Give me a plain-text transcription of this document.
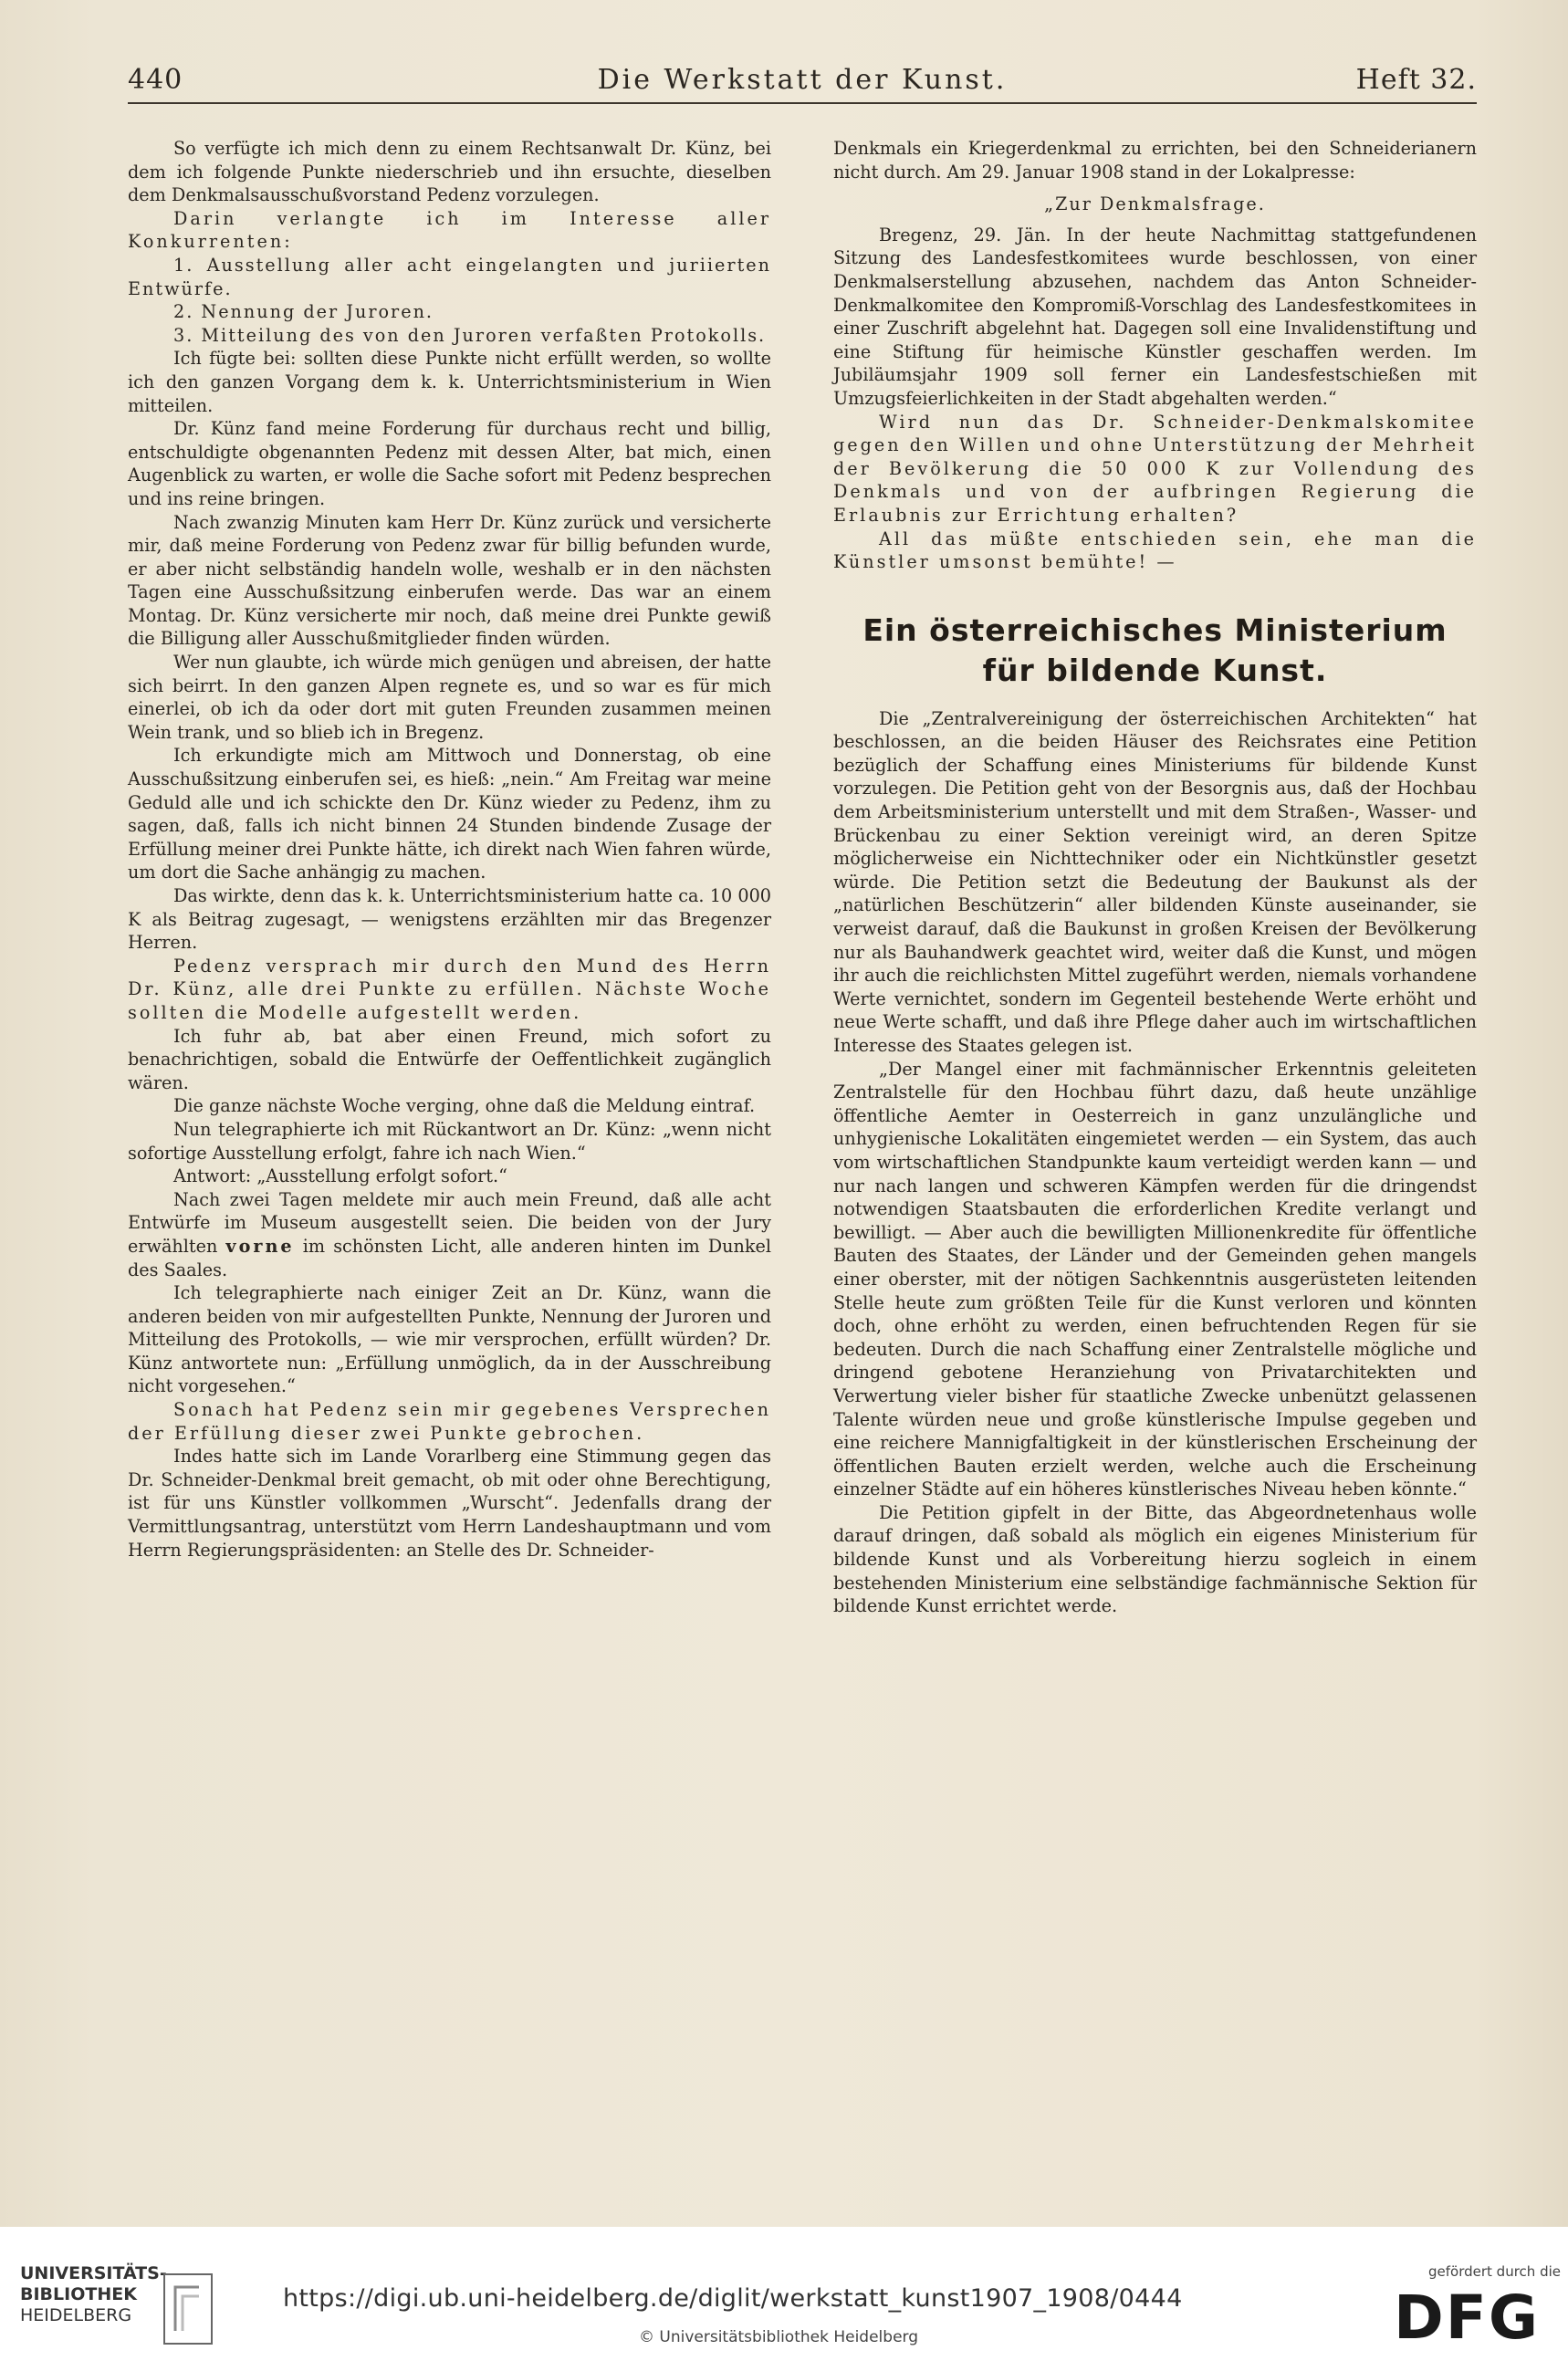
440	Die Werkstatt der Kunst.	Heft 32.

So verfügte ich mich denn zu einem Rechtsanwalt Dr. Künz, bei dem ich folgende Punkte niederschrieb und ihn ersuchte, dieselben dem Denkmalsausschußvorstand Pedenz vorzulegen.

Darin verlangte ich im Interesse aller Konkurrenten:

1. Ausstellung aller acht eingelangten und juriierten Entwürfe.

2. Nennung der Juroren.

3. Mitteilung des von den Juroren verfaßten Protokolls.

Ich fügte bei: sollten diese Punkte nicht erfüllt werden, so wollte ich den ganzen Vorgang dem k. k. Unterrichtsministerium in Wien mitteilen.

Dr. Künz fand meine Forderung für durchaus recht und billig, entschuldigte obgenannten Pedenz mit dessen Alter, bat mich, einen Augenblick zu warten, er wolle die Sache sofort mit Pedenz besprechen und ins reine bringen.

Nach zwanzig Minuten kam Herr Dr. Künz zurück und versicherte mir, daß meine Forderung von Pedenz zwar für billig befunden wurde, er aber nicht selbständig handeln wolle, weshalb er in den nächsten Tagen eine Ausschußsitzung einberufen werde. Das war an einem Montag. Dr. Künz versicherte mir noch, daß meine drei Punkte gewiß die Billigung aller Ausschußmitglieder finden würden.

Wer nun glaubte, ich würde mich genügen und abreisen, der hatte sich beirrt. In den ganzen Alpen regnete es, und so war es für mich einerlei, ob ich da oder dort mit guten Freunden zusammen meinen Wein trank, und so blieb ich in Bregenz.

Ich erkundigte mich am Mittwoch und Donnerstag, ob eine Ausschußsitzung einberufen sei, es hieß: „nein.“ Am Freitag war meine Geduld alle und ich schickte den Dr. Künz wieder zu Pedenz, ihm zu sagen, daß, falls ich nicht binnen 24 Stunden bindende Zusage der Erfüllung meiner drei Punkte hätte, ich direkt nach Wien fahren würde, um dort die Sache anhängig zu machen.

Das wirkte, denn das k. k. Unterrichtsministerium hatte ca. 10 000 K als Beitrag zugesagt, — wenigstens erzählten mir das Bregenzer Herren.

Pedenz versprach mir durch den Mund des Herrn Dr. Künz, alle drei Punkte zu erfüllen. Nächste Woche sollten die Modelle aufgestellt werden.

Ich fuhr ab, bat aber einen Freund, mich sofort zu benachrichtigen, sobald die Entwürfe der Oeffentlichkeit zugänglich wären.

Die ganze nächste Woche verging, ohne daß die Meldung eintraf.

Nun telegraphierte ich mit Rückantwort an Dr. Künz: „wenn nicht sofortige Ausstellung erfolgt, fahre ich nach Wien.“

Antwort: „Ausstellung erfolgt sofort.“

Nach zwei Tagen meldete mir auch mein Freund, daß alle acht Entwürfe im Museum ausgestellt seien. Die beiden von der Jury erwählten vorne im schönsten Licht, alle anderen hinten im Dunkel des Saales.

Ich telegraphierte nach einiger Zeit an Dr. Künz, wann die anderen beiden von mir aufgestellten Punkte, Nennung der Juroren und Mitteilung des Protokolls, — wie mir versprochen, erfüllt würden? Dr. Künz antwortete nun: „Erfüllung unmöglich, da in der Ausschreibung nicht vorgesehen.“

Sonach hat Pedenz sein mir gegebenes Versprechen der Erfüllung dieser zwei Punkte gebrochen.

Indes hatte sich im Lande Vorarlberg eine Stimmung gegen das Dr. Schneider-Denkmal breit gemacht, ob mit oder ohne Berechtigung, ist für uns Künstler vollkommen „Wurscht“. Jedenfalls drang der Vermittlungsantrag, unterstützt vom Herrn Landeshauptmann und vom Herrn Regierungspräsidenten: an Stelle des Dr. Schneider-

Denkmals ein Kriegerdenkmal zu errichten, bei den Schneiderianern nicht durch. Am 29. Januar 1908 stand in der Lokalpresse:

„Zur Denkmalsfrage.

Bregenz, 29. Jän. In der heute Nachmittag stattgefundenen Sitzung des Landesfestkomitees wurde beschlossen, von einer Denkmalserstellung abzusehen, nachdem das Anton Schneider-Denkmalkomitee den Kompromiß-Vorschlag des Landesfestkomitees in einer Zuschrift abgelehnt hat. Dagegen soll eine Invalidenstiftung und eine Stiftung für heimische Künstler geschaffen werden. Im Jubiläumsjahr 1909 soll ferner ein Landesfestschießen mit Umzugsfeierlichkeiten in der Stadt abgehalten werden.“

Wird nun das Dr. Schneider-Denkmalskomitee gegen den Willen und ohne Unterstützung der Mehrheit der Bevölkerung die 50 000 K zur Vollendung des Denkmals und von der aufbringen Regierung die Erlaubnis zur Errichtung erhalten?

All das müßte entschieden sein, ehe man die Künstler umsonst bemühte! —

Ein österreichisches Ministerium
für bildende Kunst.

Die „Zentralvereinigung der österreichischen Architekten“ hat beschlossen, an die beiden Häuser des Reichsrates eine Petition bezüglich der Schaffung eines Ministeriums für bildende Kunst vorzulegen. Die Petition geht von der Besorgnis aus, daß der Hochbau dem Arbeitsministerium unterstellt und mit dem Straßen-, Wasser- und Brückenbau zu einer Sektion vereinigt wird, an deren Spitze möglicherweise ein Nichttechniker oder ein Nichtkünstler gesetzt würde. Die Petition setzt die Bedeutung der Baukunst als der „natürlichen Beschützerin“ aller bildenden Künste auseinander, sie verweist darauf, daß die Baukunst in großen Kreisen der Bevölkerung nur als Bauhandwerk geachtet wird, weiter daß die Kunst, und mögen ihr auch die reichlichsten Mittel zugeführt werden, niemals vorhandene Werte vernichtet, sondern im Gegenteil bestehende Werte erhöht und neue Werte schafft, und daß ihre Pflege daher auch im wirtschaftlichen Interesse des Staates gelegen ist.

„Der Mangel einer mit fachmännischer Erkenntnis geleiteten Zentralstelle für den Hochbau führt dazu, daß heute unzählige öffentliche Aemter in Oesterreich in ganz unzulängliche und unhygienische Lokalitäten eingemietet werden — ein System, das auch vom wirtschaftlichen Standpunkte kaum verteidigt werden kann — und nur nach langen und schweren Kämpfen werden für die dringendst notwendigen Staatsbauten die erforderlichen Kredite verlangt und bewilligt. — Aber auch die bewilligten Millionenkredite für öffentliche Bauten des Staates, der Länder und der Gemeinden gehen mangels einer oberster, mit der nötigen Sachkenntnis ausgerüsteten leitenden Stelle heute zum größten Teile für die Kunst verloren und könnten doch, ohne erhöht zu werden, einen befruchtenden Regen für sie bedeuten. Durch die nach Schaffung einer Zentralstelle mögliche und dringend gebotene Heranziehung von Privatarchitekten und Verwertung vieler bisher für staatliche Zwecke unbenützt gelassenen Talente würden neue und große künstlerische Impulse gegeben und eine reichere Mannigfaltigkeit in der künstlerischen Erscheinung der öffentlichen Bauten erzielt werden, welche auch die Erscheinung einzelner Städte auf ein höheres künstlerisches Niveau heben könnte.“

Die Petition gipfelt in der Bitte, das Abgeordnetenhaus wolle darauf dringen, daß sobald als möglich ein eigenes Ministerium für bildende Kunst und als Vorbereitung hierzu sogleich in einem bestehenden Ministerium eine selbständige fachmännische Sektion für bildende Kunst errichtet werde.

UNIVERSITÄTS-
BIBLIOTHEK
HEIDELBERG
https://digi.ub.uni-heidelberg.de/diglit/werkstatt_kunst1907_1908/0444
© Universitätsbibliothek Heidelberg
gefördert durch die
DFG
